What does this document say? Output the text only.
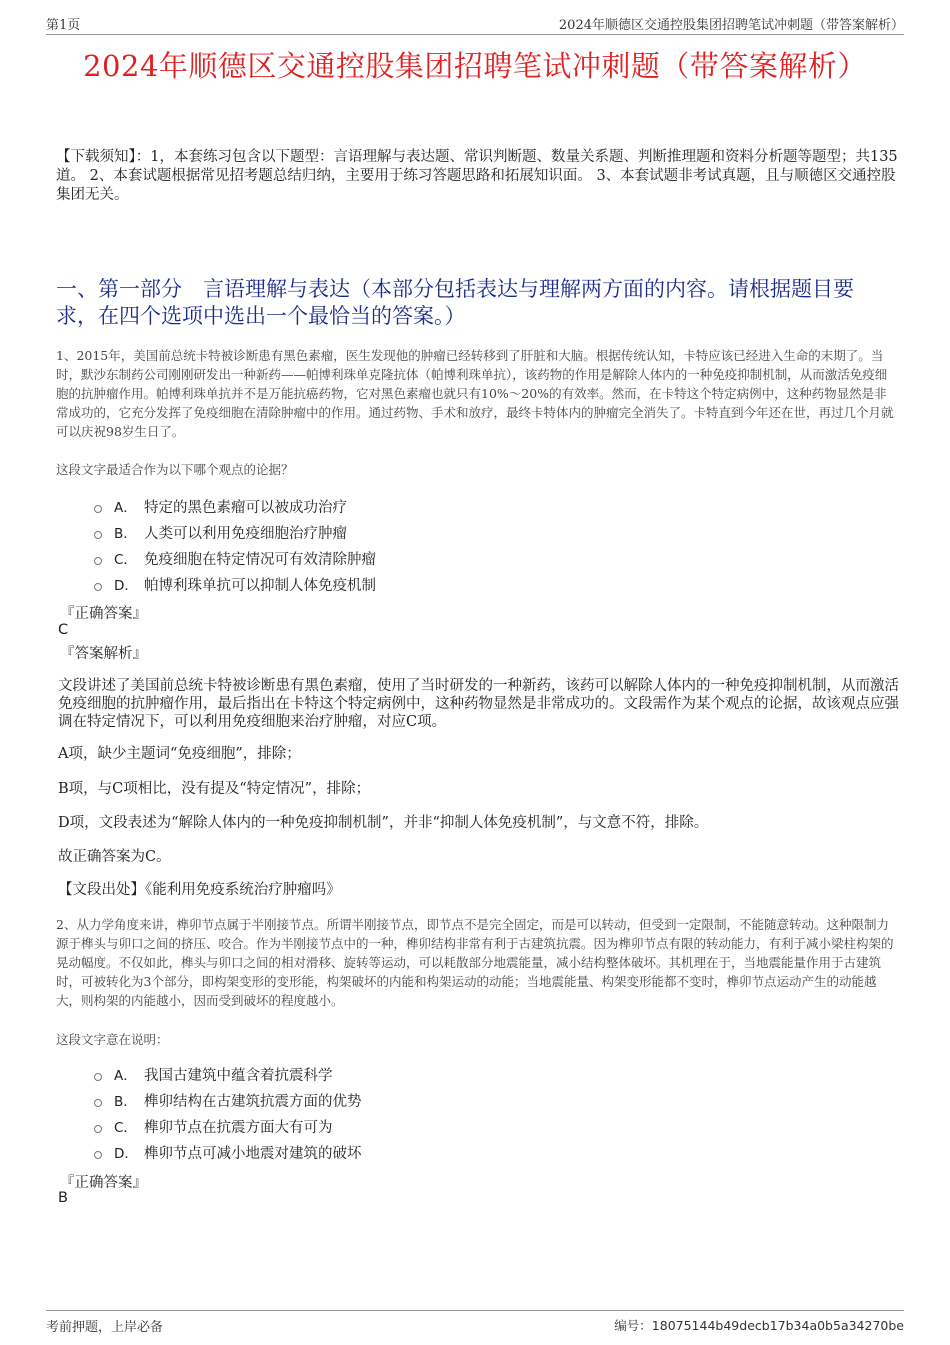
第1页	2024年顺德区交通控股集团招聘笔试冲刺题（带答案解析）
2024年顺德区交通控股集团招聘笔试冲刺题（带答案解析）
【下载须知】：1，本套练习包含以下题型：言语理解与表达题、常识判断题、数量关系题、判断推理题和资料分析题等题型；共135道。 2、本套试题根据常见招考题总结归纳，主要用于练习答题思路和拓展知识面。 3、本套试题非考试真题，且与顺德区交通控股集团无关。
一、第一部分　言语理解与表达（本部分包括表达与理解两方面的内容。请根据题目要求，在四个选项中选出一个最恰当的答案。）
1、2015年，美国前总统卡特被诊断患有黑色素瘤，医生发现他的肿瘤已经转移到了肝脏和大脑。根据传统认知，卡特应该已经进入生命的末期了。当时，默沙东制药公司刚刚研发出一种新药——帕博利珠单克隆抗体（帕博利珠单抗），该药物的作用是解除人体内的一种免疫抑制机制，从而激活免疫细胞的抗肿瘤作用。帕博利珠单抗并不是万能抗癌药物，它对黑色素瘤也就只有10%～20%的有效率。然而，在卡特这个特定病例中，这种药物显然是非常成功的，它充分发挥了免疫细胞在清除肿瘤中的作用。通过药物、手术和放疗，最终卡特体内的肿瘤完全消失了。卡特直到今年还在世，再过几个月就可以庆祝98岁生日了。
这段文字最适合作为以下哪个观点的论据？
A． 特定的黑色素瘤可以被成功治疗
B． 人类可以利用免疫细胞治疗肿瘤
C． 免疫细胞在特定情况可有效清除肿瘤
D． 帕博利珠单抗可以抑制人体免疫机制
『正确答案』
C
『答案解析』
文段讲述了美国前总统卡特被诊断患有黑色素瘤，使用了当时研发的一种新药，该药可以解除人体内的一种免疫抑制机制，从而激活免疫细胞的抗肿瘤作用，最后指出在卡特这个特定病例中，这种药物显然是非常成功的。文段需作为某个观点的论据，故该观点应强调在特定情况下，可以利用免疫细胞来治疗肿瘤，对应C项。
A项，缺少主题词“免疫细胞”，排除；
B项，与C项相比，没有提及“特定情况”，排除；
D项，文段表述为“解除人体内的一种免疫抑制机制”，并非“抑制人体免疫机制”，与文意不符，排除。
故正确答案为C。
【文段出处】《能利用免疫系统治疗肿瘤吗》
2、从力学角度来讲，榫卯节点属于半刚接节点。所谓半刚接节点，即节点不是完全固定，而是可以转动，但受到一定限制，不能随意转动。这种限制力源于榫头与卯口之间的挤压、咬合。作为半刚接节点中的一种，榫卯结构非常有利于古建筑抗震。因为榫卯节点有限的转动能力，有利于减小梁柱构架的晃动幅度。不仅如此，榫头与卯口之间的相对滑移、旋转等运动，可以耗散部分地震能量，减小结构整体破坏。其机理在于，当地震能量作用于古建筑时，可被转化为3个部分，即构架变形的变形能，构架破坏的内能和构架运动的动能；当地震能量、构架变形能都不变时，榫卯节点运动产生的动能越大，则构架的内能越小，因而受到破坏的程度越小。
这段文字意在说明：
A． 我国古建筑中蕴含着抗震科学
B． 榫卯结构在古建筑抗震方面的优势
C． 榫卯节点在抗震方面大有可为
D． 榫卯节点可减小地震对建筑的破坏
『正确答案』
B
考前押题，上岸必备	编号：18075144b49decb17b34a0b5a34270be
